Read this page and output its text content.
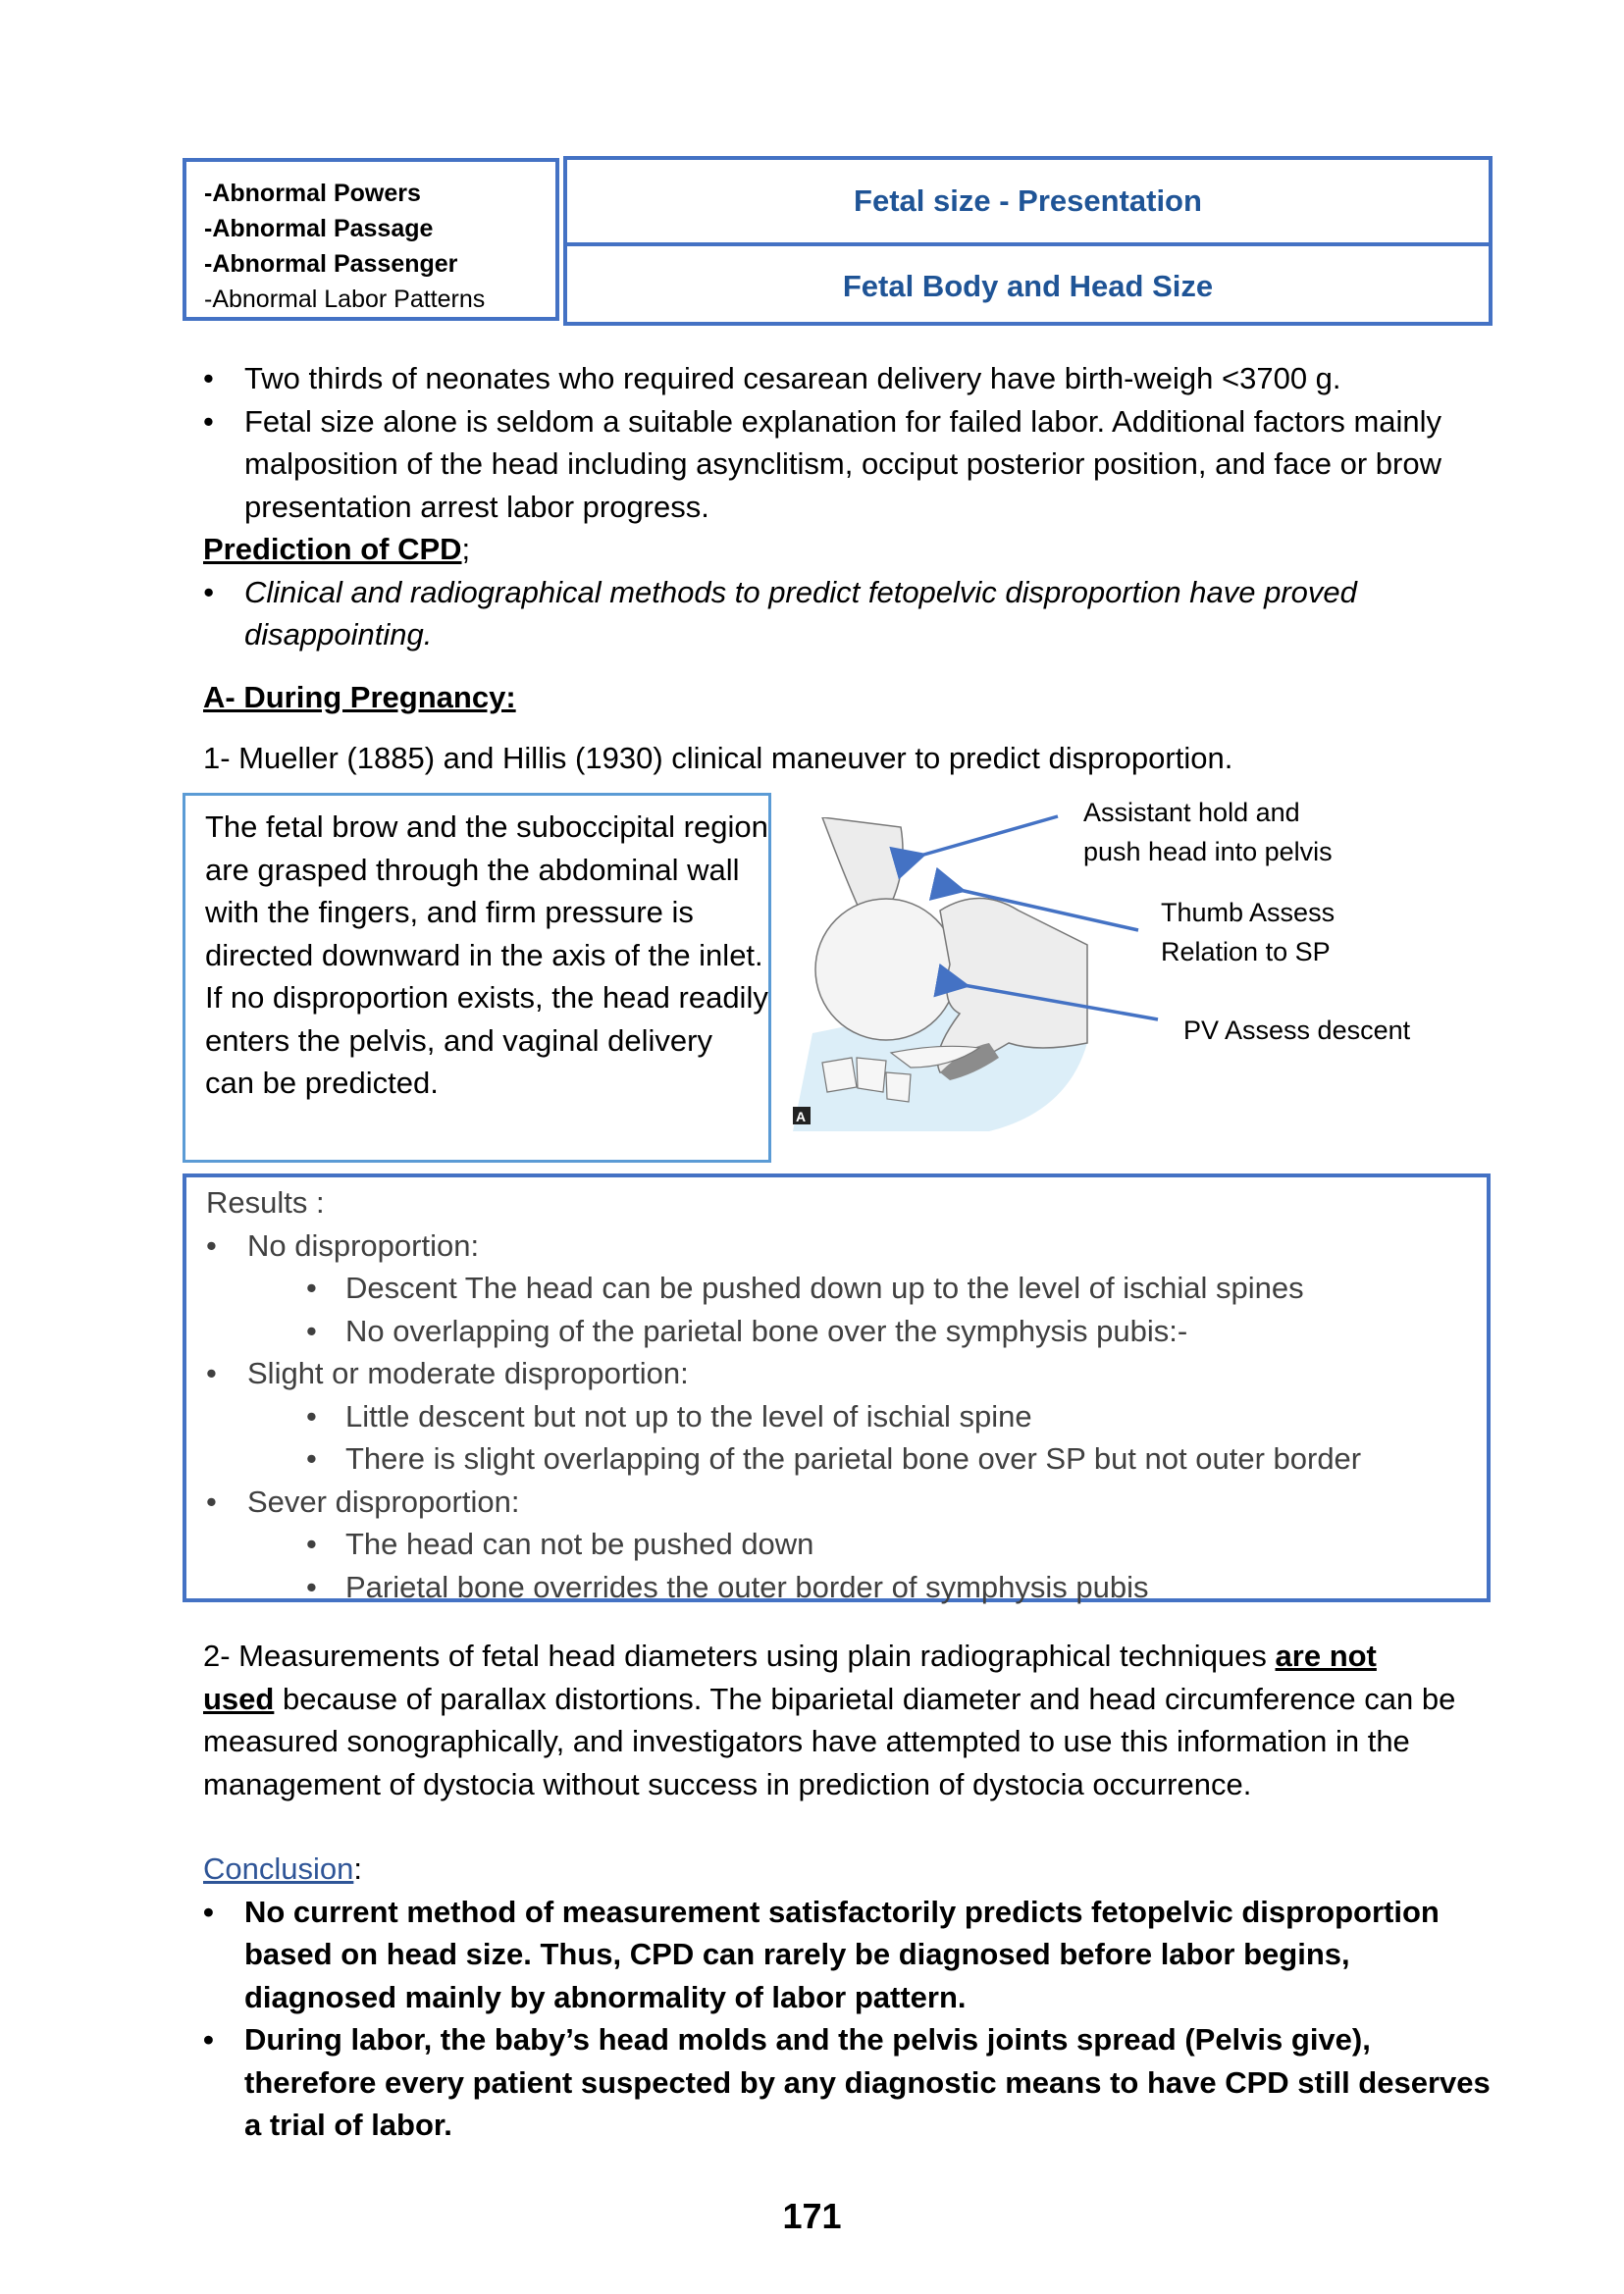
-Abnormal Powers
-Abnormal Passage
-Abnormal Passenger
-Abnormal Labor Patterns
Fetal size - Presentation
Fetal Body and Head Size
• Two thirds of neonates who required cesarean delivery have birth-weigh <3700 g.
• Fetal size alone is seldom a suitable explanation for failed labor. Additional factors mainly malposition of the head including asynclitism, occiput posterior position, and face or brow presentation arrest labor progress.
Prediction of CPD;
• Clinical and radiographical methods to predict fetopelvic disproportion have proved disappointing.
A- During Pregnancy:
1- Mueller (1885) and Hillis (1930) clinical maneuver to predict disproportion.
The fetal brow and the suboccipital region are grasped through the abdominal wall with the fingers, and firm pressure is directed downward in the axis of the inlet. If no disproportion exists, the head readily enters the pelvis, and vaginal delivery can be predicted.
A
Assistant hold and
push head into pelvis
Thumb Assess
Relation to SP
PV Assess descent
Results :
• No disproportion:
• Descent The head can be pushed down up to the level of ischial spines
• No overlapping of the parietal bone over the symphysis pubis:-
• Slight or moderate disproportion:
• Little descent but not up to the level of ischial spine
• There is slight overlapping of the parietal bone over SP but not outer border
• Sever disproportion:
• The head can not be pushed down
• Parietal bone overrides the outer border of symphysis pubis
2- Measurements of fetal head diameters using plain radiographical techniques are not
used because of parallax distortions. The biparietal diameter and head circumference can be measured sonographically, and investigators have attempted to use this information in the management of dystocia without success in prediction of dystocia occurrence.
Conclusion:
• No current method of measurement satisfactorily predicts fetopelvic disproportion based on head size. Thus, CPD can rarely be diagnosed before labor begins, diagnosed mainly by abnormality of labor pattern.
• During labor, the baby’s head molds and the pelvis joints spread (Pelvis give), therefore every patient suspected by any diagnostic means to have CPD still deserves a trial of labor.
171
